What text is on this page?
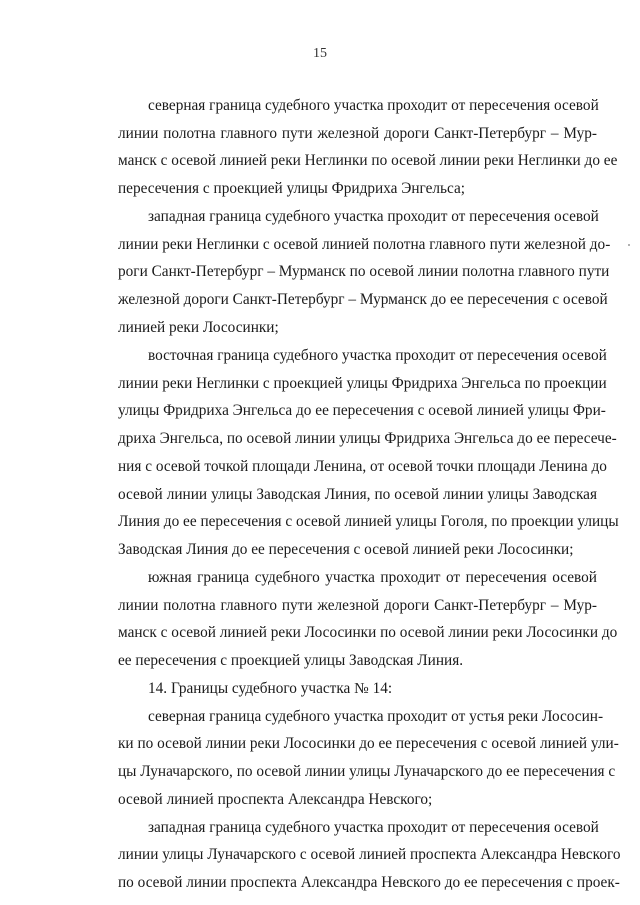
15
северная граница судебного участка проходит от пересечения осевой
линии полотна главного пути железной дороги Санкт-Петербург – Мур-
манск с осевой линией реки Неглинки по осевой линии реки Неглинки до ее
пересечения с проекцией улицы Фридриха Энгельса;
западная граница судебного участка проходит от пересечения осевой
линии реки Неглинки с осевой линией полотна главного пути железной до-
роги Санкт-Петербург – Мурманск по осевой линии полотна главного пути
железной дороги Санкт-Петербург – Мурманск до ее пересечения с осевой
линией реки Лососинки;
восточная граница судебного участка проходит от пересечения осевой
линии реки Неглинки с проекцией улицы Фридриха Энгельса по проекции
улицы Фридриха Энгельса до ее пересечения с осевой линией улицы Фри-
дриха Энгельса, по осевой линии улицы Фридриха Энгельса до ее пересече-
ния с осевой точкой площади Ленина, от осевой точки площади Ленина до
осевой линии улицы Заводская Линия, по осевой линии улицы Заводская
Линия до ее пересечения с осевой линией улицы Гоголя, по проекции улицы
Заводская Линия до ее пересечения с осевой линией реки Лососинки;
южная граница судебного участка проходит от пересечения осевой
линии полотна главного пути железной дороги Санкт-Петербург – Мур-
манск с осевой линией реки Лососинки по осевой линии реки Лососинки до
ее пересечения с проекцией улицы Заводская Линия.
14. Границы судебного участка № 14:
северная граница судебного участка проходит от устья реки Лососин-
ки по осевой линии реки Лососинки до ее пересечения с осевой линией ули-
цы Луначарского, по осевой линии улицы Луначарского до ее пересечения с
осевой линией проспекта Александра Невского;
западная граница судебного участка проходит от пересечения осевой
линии улицы Луначарского с осевой линией проспекта Александра Невского
по осевой линии проспекта Александра Невского до ее пересечения с проек-
